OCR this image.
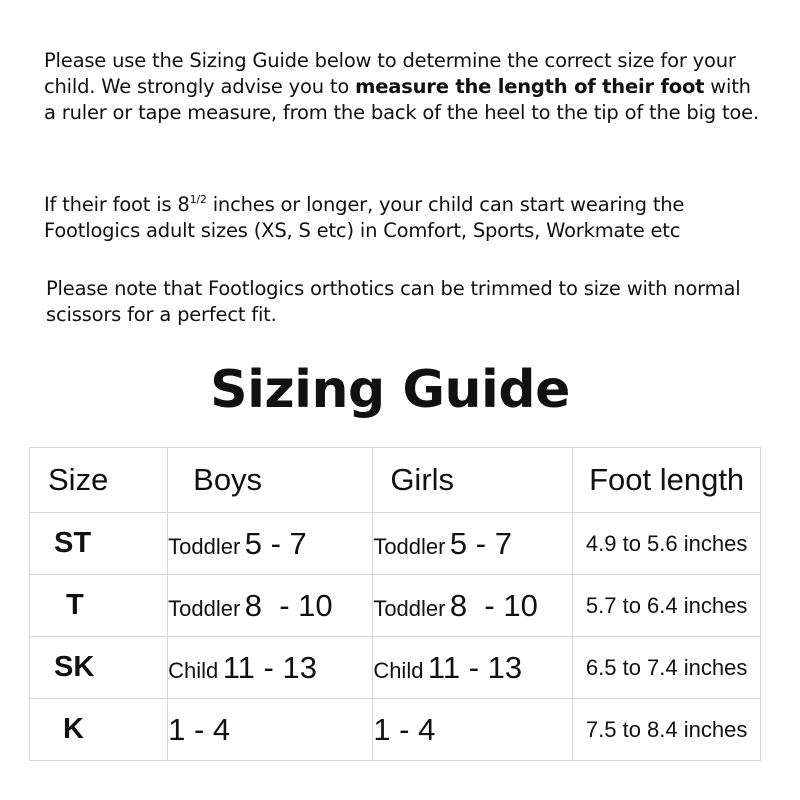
Please use the Sizing Guide below to determine the correct size for your child. We strongly advise you to measure the length of their foot with a ruler or tape measure, from the back of the heel to the tip of the big toe.

If their foot is $8^{1/2}$ inches or longer, your child can start wearing the Footlogics adult sizes (XS, S etc) in Comfort, Sports, Workmate etc

Please note that Footlogics orthotics can be trimmed to size with normal scissors for a perfect fit.

Sizing Guide
Size	Boys	Girls	Foot length
ST	Toddler 5 - 7	Toddler 5 - 7	4.9 to 5.6 inches
T	Toddler 8  - 10	Toddler 8  - 10	5.7 to 6.4 inches
SK	Child 11 - 13	Child 11 - 13	6.5 to 7.4 inches
K	1 - 4	1 - 4	7.5 to 8.4 inches
